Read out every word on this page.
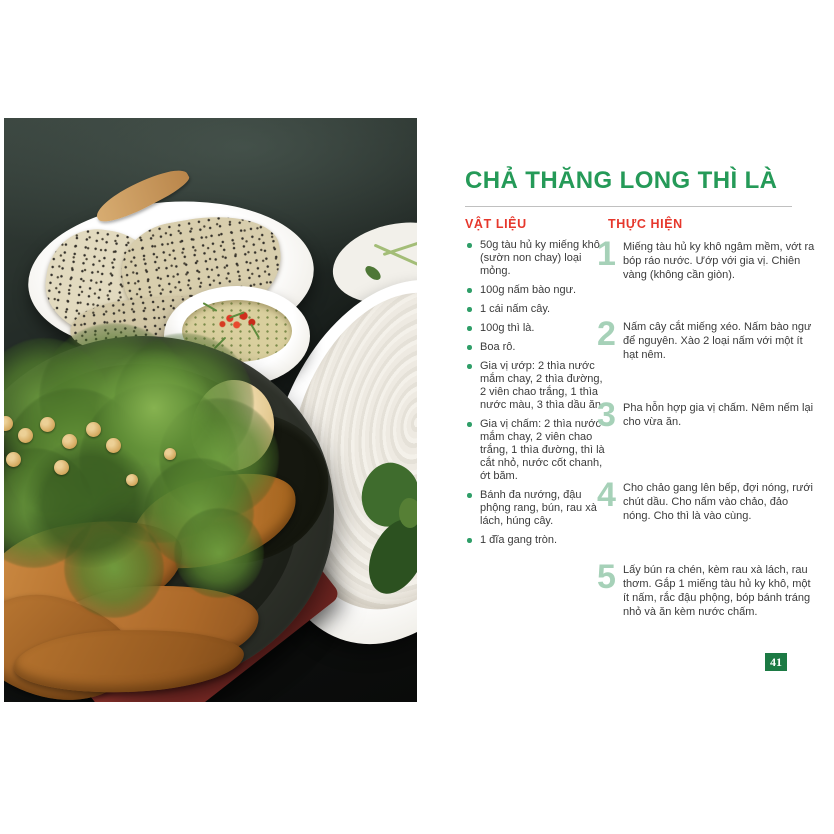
CHẢ THĂNG LONG THÌ LÀ
VẬT LIỆU	THỰC HIỆN
50g tàu hủ ky miếng khô (sườn non chay) loại mỏng.
100g nấm bào ngư.
1 cái nấm cây.
100g thì là.
Boa rô.
Gia vị ướp: 2 thìa nước mắm chay, 2 thìa đường, 2 viên chao trắng, 1 thìa nước màu, 3 thìa dầu ăn.
Gia vị chấm: 2 thìa nước mắm chay, 2 viên chao trắng, 1 thìa đường, thì là cắt nhỏ, nước cốt chanh, ớt băm.
Bánh đa nướng, đậu phộng rang, bún, rau xà lách, húng cây.
1 đĩa gang tròn.
1 Miếng tàu hủ ky khô ngâm mềm, vớt ra bóp ráo nước. Ướp với gia vị. Chiên vàng (không cần giòn).

2 Nấm cây cắt miếng xéo. Nấm bào ngư để nguyên. Xào 2 loại nấm với một ít hạt nêm.

3 Pha hỗn hợp gia vị chấm. Nêm nếm lại cho vừa ăn.

4 Cho chảo gang lên bếp, đợi nóng, rưới chút dầu. Cho nấm vào chảo, đảo nóng. Cho thì là vào cùng.

5 Lấy bún ra chén, kèm rau xà lách, rau thơm. Gắp 1 miếng tàu hủ ky khô, một ít nấm, rắc đậu phộng, bóp bánh tráng nhỏ và ăn kèm nước chấm.

41
